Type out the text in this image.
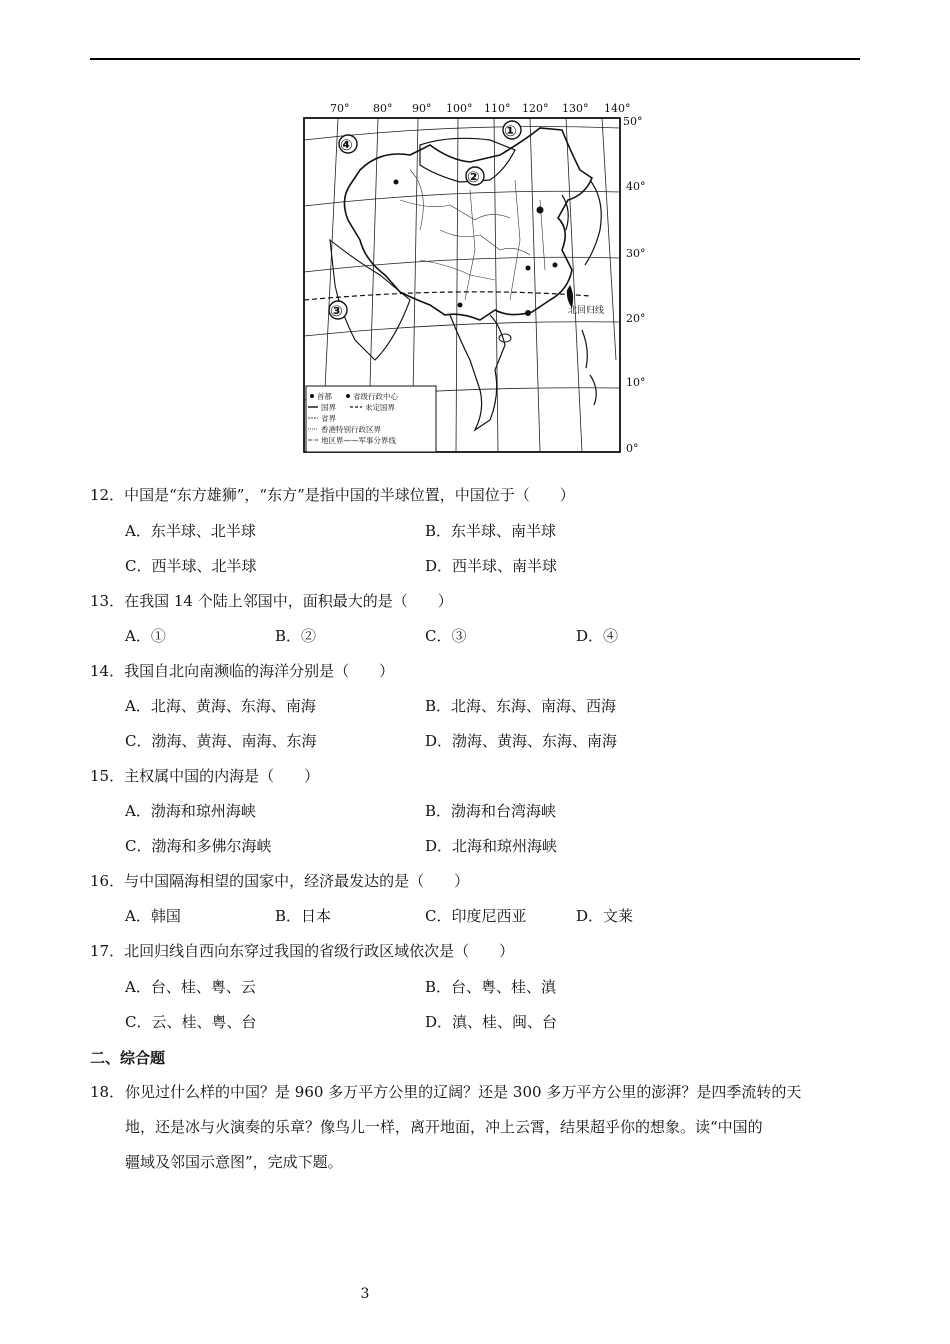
70° 80° 90° 100° 110° 120° 130° 140°
50°
40°
30°
20°
10°
0°
北回归线
①
②
③
④
首都	省级行政中心
国界	未定国界
省界
香港特别行政区界
地区界——军事分界线
12．中国是“东方雄狮”，“东方”是指中国的半球位置，中国位于（　　）
A．东半球、北半球	B．东半球、南半球
C．西半球、北半球	D．西半球、南半球
13．在我国 14 个陆上邻国中，面积最大的是（　　）
A．①	B．②	C．③	D．④
14．我国自北向南濒临的海洋分别是（　　）
A．北海、黄海、东海、南海	B．北海、东海、南海、西海
C．渤海、黄海、南海、东海	D．渤海、黄海、东海、南海
15．主权属中国的内海是（　　）
A．渤海和琼州海峡	B．渤海和台湾海峡
C．渤海和多佛尔海峡	D．北海和琼州海峡
16．与中国隔海相望的国家中，经济最发达的是（　　）
A．韩国	B．日本	C．印度尼西亚	D．文莱
17．北回归线自西向东穿过我国的省级行政区域依次是（　　）
A．台、桂、粤、云	B．台、粤、桂、滇
C．云、桂、粤、台	D．滇、桂、闽、台
二、综合题
18．你见过什么样的中国？是 960 多万平方公里的辽阔？还是 300 多万平方公里的澎湃？是四季流转的天
地，还是冰与火演奏的乐章？像鸟儿一样，离开地面，冲上云霄，结果超乎你的想象。读“中国的
疆域及邻国示意图”，完成下题。
3
